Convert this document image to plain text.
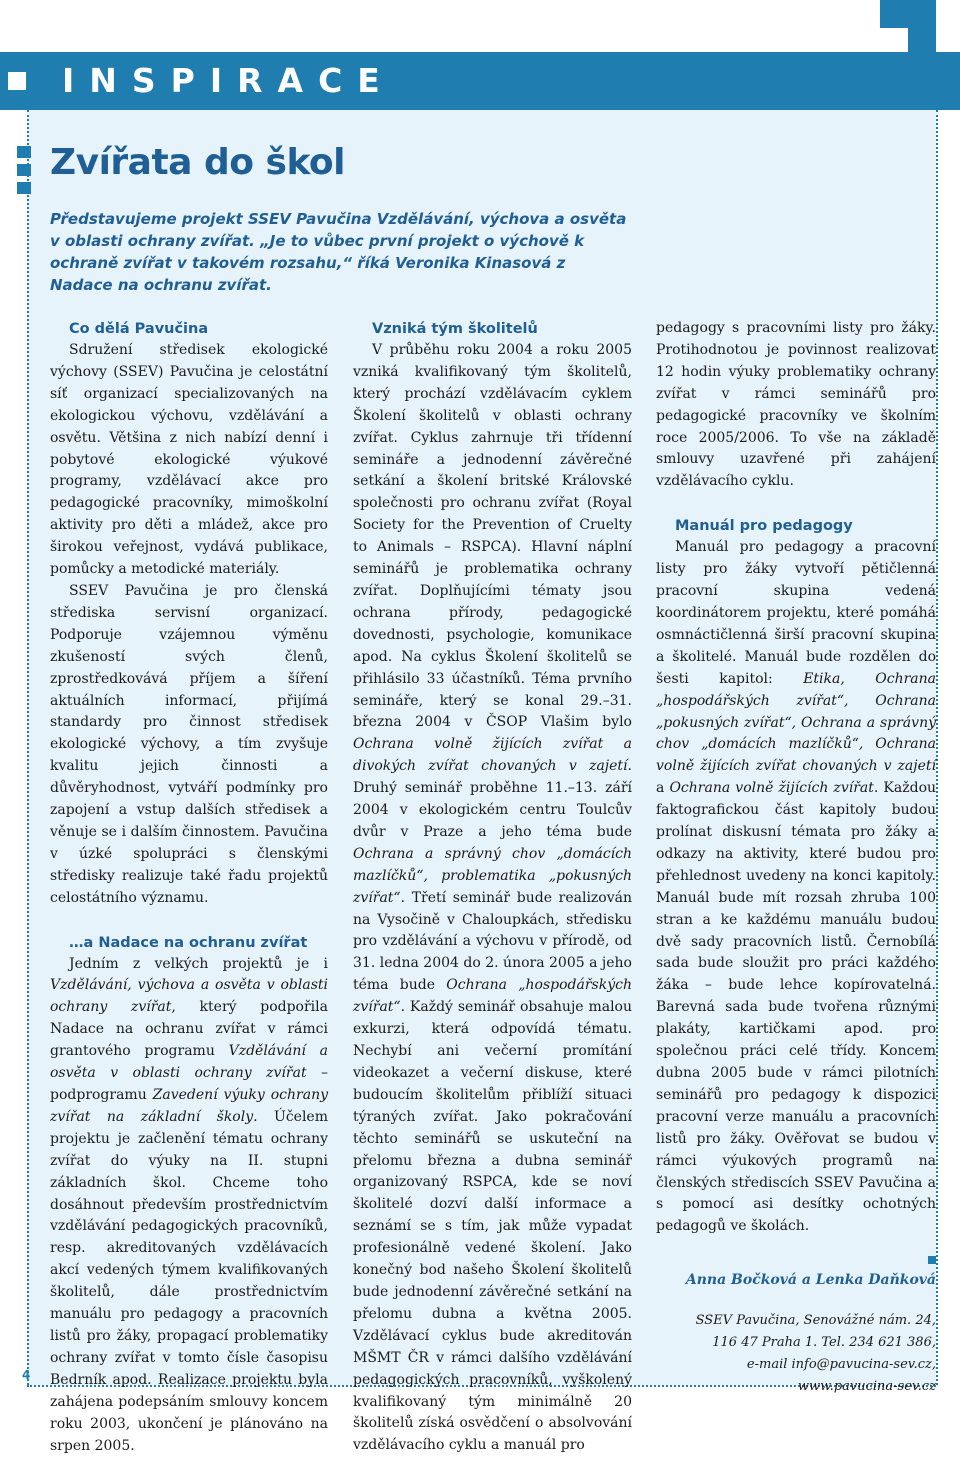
INSPIRACE
Zvířata do škol

Představujeme projekt SSEV Pavučina Vzdělávání, výchova a osvěta v oblasti ochrany zvířat. „Je to vůbec první projekt o výchově k ochraně zvířat v takovém rozsahu,“ říká Veronika Kinasová z Nadace na ochranu zvířat.

Co dělá Pavučina

Sdružení středisek ekologické výchovy (SSEV) Pavučina je celostátní síť organizací specializovaných na ekologickou výchovu, vzdělávání a osvětu. Většina z nich nabízí denní i pobytové ekologické výukové programy, vzdělávací akce pro pedagogické pracovníky, mimoškolní aktivity pro děti a mládež, akce pro širokou veřejnost, vydává publikace, pomůcky a metodické materiály.

SSEV Pavučina je pro členská střediska servisní organizací. Podporuje vzájemnou výměnu zkušeností svých členů, zprostředkovává příjem a šíření aktuálních informací, přijímá standardy pro činnost středisek ekologické výchovy, a tím zvyšuje kvalitu jejich činnosti a důvěryhodnost, vytváří podmínky pro zapojení a vstup dalších středisek a věnuje se i dalším činnostem. Pavučina v úzké spolupráci s členskými středisky realizuje také řadu projektů celostátního významu.

…a Nadace na ochranu zvířat

Jedním z velkých projektů je i Vzdělávání, výchova a osvěta v oblasti ochrany zvířat, který podpořila Nadace na ochranu zvířat v rámci grantového programu Vzdělávání a osvěta v oblasti ochrany zvířat – podprogramu Zavedení výuky ochrany zvířat na základní školy. Účelem projektu je začlenění tématu ochrany zvířat do výuky na II. stupni základních škol. Chceme toho dosáhnout především prostřednictvím vzdělávání pedagogických pracovníků, resp. akreditovaných vzdělávacích akcí vedených týmem kvalifikovaných školitelů, dále prostřednictvím manuálu pro pedagogy a pracovních listů pro žáky, propagací problematiky ochrany zvířat v tomto čísle časopisu Bedrník apod. Realizace projektu byla zahájena podepsáním smlouvy koncem roku 2003, ukončení je plánováno na srpen 2005.

Vzniká tým školitelů

V průběhu roku 2004 a roku 2005 vzniká kvalifikovaný tým školitelů, který prochází vzdělávacím cyklem Školení školitelů v oblasti ochrany zvířat. Cyklus zahrnuje tři třídenní semináře a jednodenní závěrečné setkání a školení britské Královské společnosti pro ochranu zvířat (Royal Society for the Prevention of Cruelty to Animals – RSPCA). Hlavní náplní seminářů je problematika ochrany zvířat. Doplňujícími tématy jsou ochrana přírody, pedagogické dovednosti, psychologie, komunikace apod. Na cyklus Školení školitelů se přihlásilo 33 účastníků. Téma prvního semináře, který se konal 29.–31. března 2004 v ČSOP Vlašim bylo Ochrana volně žijících zvířat a divokých zvířat chovaných v zajetí. Druhý seminář proběhne 11.–13. září 2004 v ekologickém centru Toulcův dvůr v Praze a jeho téma bude Ochrana a správný chov „domácích mazlíčků“, problematika „pokusných zvířat“. Třetí seminář bude realizován na Vysočině v Chaloupkách, středisku pro vzdělávání a výchovu v přírodě, od 31. ledna 2004 do 2. února 2005 a jeho téma bude Ochrana „hospodářských zvířat“. Každý seminář obsahuje malou exkurzi, která odpovídá tématu. Nechybí ani večerní promítání videokazet a večerní diskuse, které budoucím školitelům přiblíží situaci týraných zvířat. Jako pokračování těchto seminářů se uskuteční na přelomu března a dubna seminář organizovaný RSPCA, kde se noví školitelé dozví další informace a seznámí se s tím, jak může vypadat profesionálně vedené školení. Jako konečný bod našeho Školení školitelů bude jednodenní závěrečné setkání na přelomu dubna a května 2005. Vzdělávací cyklus bude akreditován MŠMT ČR v rámci dalšího vzdělávání pedagogických pracovníků, vyškolený kvalifikovaný tým minimálně 20 školitelů získá osvědčení o absolvování vzdělávacího cyklu a manuál pro

pedagogy s pracovními listy pro žáky. Protihodnotou je povinnost realizovat 12 hodin výuky problematiky ochrany zvířat v rámci seminářů pro pedagogické pracovníky ve školním roce 2005/2006. To vše na základě smlouvy uzavřené při zahájení vzdělávacího cyklu.

Manuál pro pedagogy

Manuál pro pedagogy a pracovní listy pro žáky vytvoří pětičlenná pracovní skupina vedená koordinátorem projektu, které pomáhá osmnáctičlenná širší pracovní skupina a školitelé. Manuál bude rozdělen do šesti kapitol: Etika, Ochrana „hospodářských zvířat“, Ochrana „pokusných zvířat“, Ochrana a správný chov „domácích mazlíčků“, Ochrana volně žijících zvířat chovaných v zajetí a Ochrana volně žijících zvířat. Každou faktografickou část kapitoly budou prolínat diskusní témata pro žáky a odkazy na aktivity, které budou pro přehlednost uvedeny na konci kapitoly. Manuál bude mít rozsah zhruba 100 stran a ke každému manuálu budou dvě sady pracovních listů. Černobílá sada bude sloužit pro práci každého žáka – bude lehce kopírovatelná. Barevná sada bude tvořena různými plakáty, kartičkami apod. pro společnou práci celé třídy. Koncem dubna 2005 bude v rámci pilotních seminářů pro pedagogy k dispozici pracovní verze manuálu a pracovních listů pro žáky. Ověřovat se budou v rámci výukových programů na členských střediscích SSEV Pavučina a s pomocí asi desítky ochotných pedagogů ve školách.

Anna Bočková a Lenka Daňková
SSEV Pavučina, Senovážné nám. 24,
116 47 Praha 1. Tel. 234 621 386,
e-mail info@pavucina-sev.cz,
www.pavucina-sev.cz
4
